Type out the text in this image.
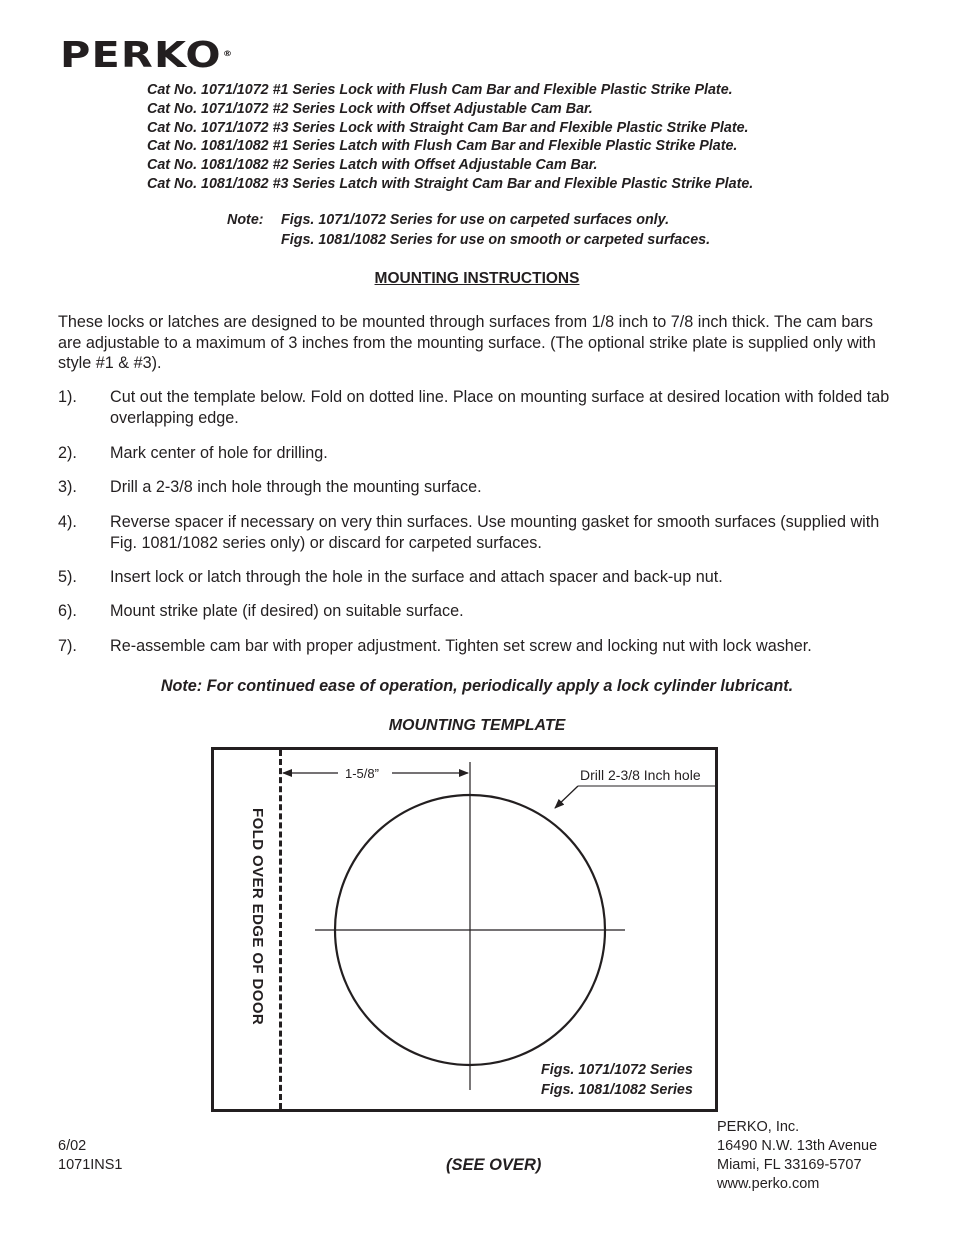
PERKO®
Cat No. 1071/1072 #1 Series Lock with Flush Cam Bar and Flexible Plastic Strike Plate.
Cat No. 1071/1072 #2 Series Lock with Offset Adjustable Cam Bar.
Cat No. 1071/1072 #3 Series Lock with Straight Cam Bar and Flexible Plastic Strike Plate.
Cat No. 1081/1082 #1 Series Latch with Flush Cam Bar and Flexible Plastic Strike Plate.
Cat No. 1081/1082 #2 Series Latch with Offset Adjustable Cam Bar.
Cat No. 1081/1082 #3 Series Latch with Straight Cam Bar and Flexible Plastic Strike Plate.
Note: Figs. 1071/1072 Series for use on carpeted surfaces only.
Figs. 1081/1082 Series for use on smooth or carpeted surfaces.
MOUNTING INSTRUCTIONS
These locks or latches are designed to be mounted through surfaces from 1/8 inch to 7/8 inch thick. The cam bars are adjustable to a maximum of 3 inches from the mounting surface. (The optional strike plate is supplied only with style #1 & #3).
1). Cut out the template below. Fold on dotted line. Place on mounting surface at desired location with folded tab overlapping edge.
2). Mark center of hole for drilling.
3). Drill a 2-3/8 inch hole through the mounting surface.
4). Reverse spacer if necessary on very thin surfaces. Use mounting gasket for smooth surfaces (supplied with Fig. 1081/1082 series only) or discard for carpeted surfaces.
5). Insert lock or latch through the hole in the surface and attach spacer and back-up nut.
6). Mount strike plate (if desired) on suitable surface.
7). Re-assemble cam bar with proper adjustment. Tighten set screw and locking nut with lock washer.
Note: For continued ease of operation, periodically apply a lock cylinder lubricant.
MOUNTING TEMPLATE
FOLD OVER EDGE OF DOOR
1-5/8”	Drill 2-3/8 Inch hole
Figs. 1071/1072 Series
Figs. 1081/1082 Series
6/02
1071INS1	(SEE OVER)
PERKO, Inc.
16490 N.W. 13th Avenue
Miami, FL 33169-5707
www.perko.com
